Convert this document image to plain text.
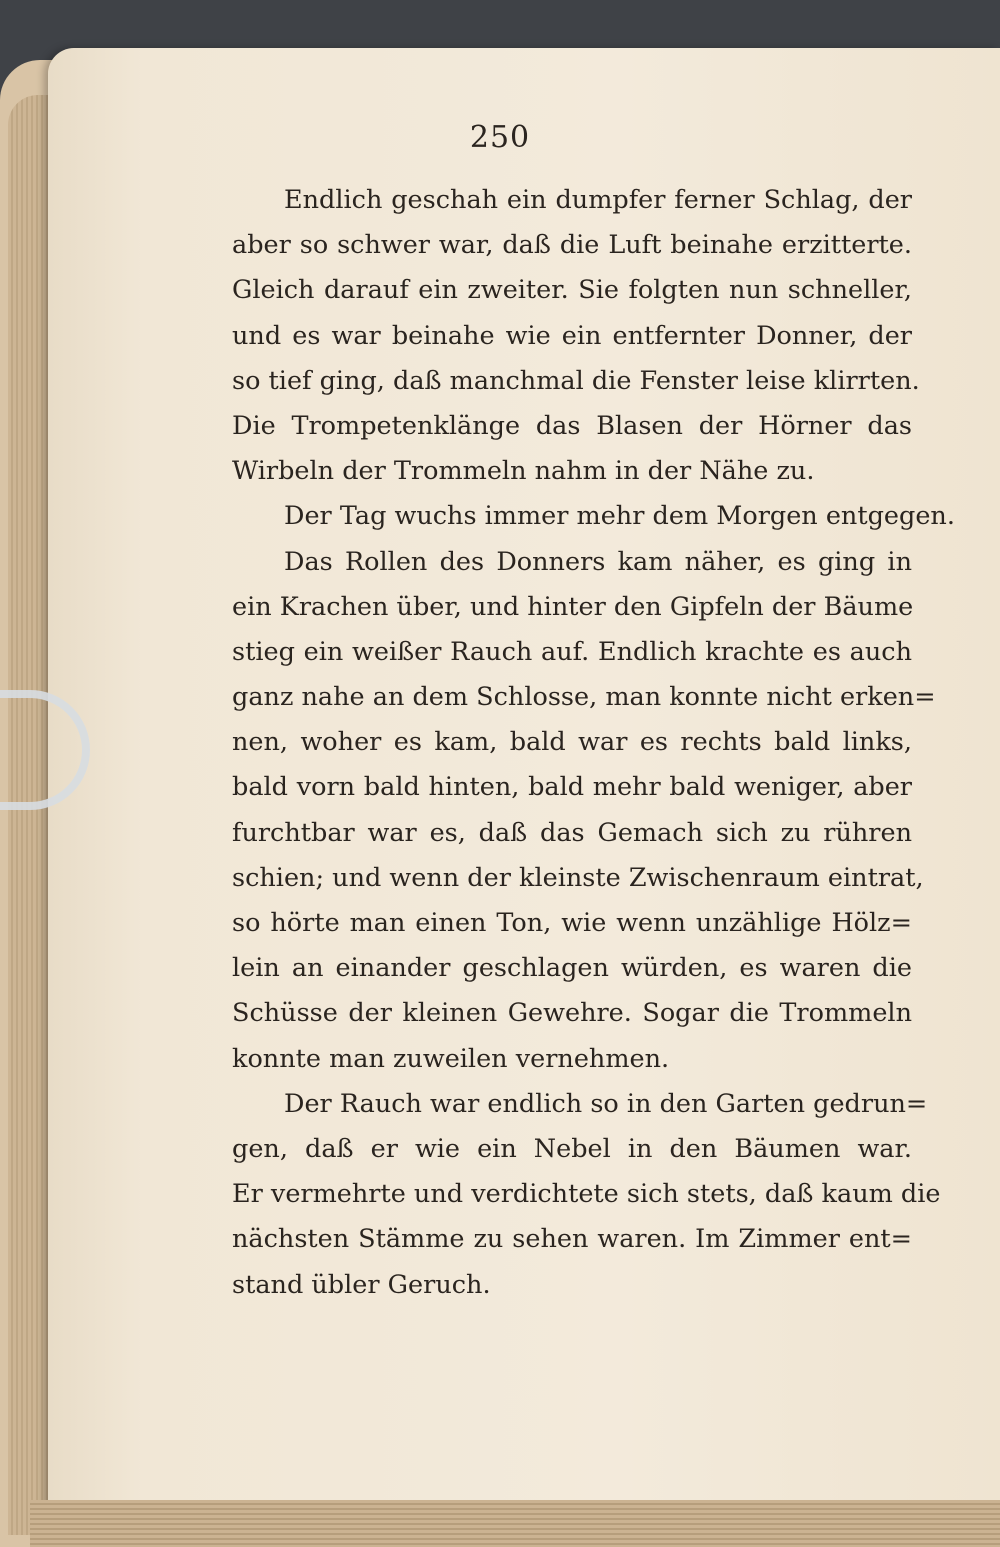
250
Endlich geschah ein dumpfer ferner Schlag, der
aber so schwer war, daß die Luft beinahe erzitterte.
Gleich darauf ein zweiter. Sie folgten nun schneller,
und es war beinahe wie ein entfernter Donner, der
so tief ging, daß manchmal die Fenster leise klirrten.
Die Trompetenklänge das Blasen der Hörner das
Wirbeln der Trommeln nahm in der Nähe zu.
Der Tag wuchs immer mehr dem Morgen entgegen.
Das Rollen des Donners kam näher, es ging in
ein Krachen über, und hinter den Gipfeln der Bäume
stieg ein weißer Rauch auf. Endlich krachte es auch
ganz nahe an dem Schlosse, man konnte nicht erken=
nen, woher es kam, bald war es rechts bald links,
bald vorn bald hinten, bald mehr bald weniger, aber
furchtbar war es, daß das Gemach sich zu rühren
schien; und wenn der kleinste Zwischenraum eintrat,
so hörte man einen Ton, wie wenn unzählige Hölz=
lein an einander geschlagen würden, es waren die
Schüsse der kleinen Gewehre. Sogar die Trommeln
konnte man zuweilen vernehmen.
Der Rauch war endlich so in den Garten gedrun=
gen, daß er wie ein Nebel in den Bäumen war.
Er vermehrte und verdichtete sich stets, daß kaum die
nächsten Stämme zu sehen waren. Im Zimmer ent=
stand übler Geruch.
